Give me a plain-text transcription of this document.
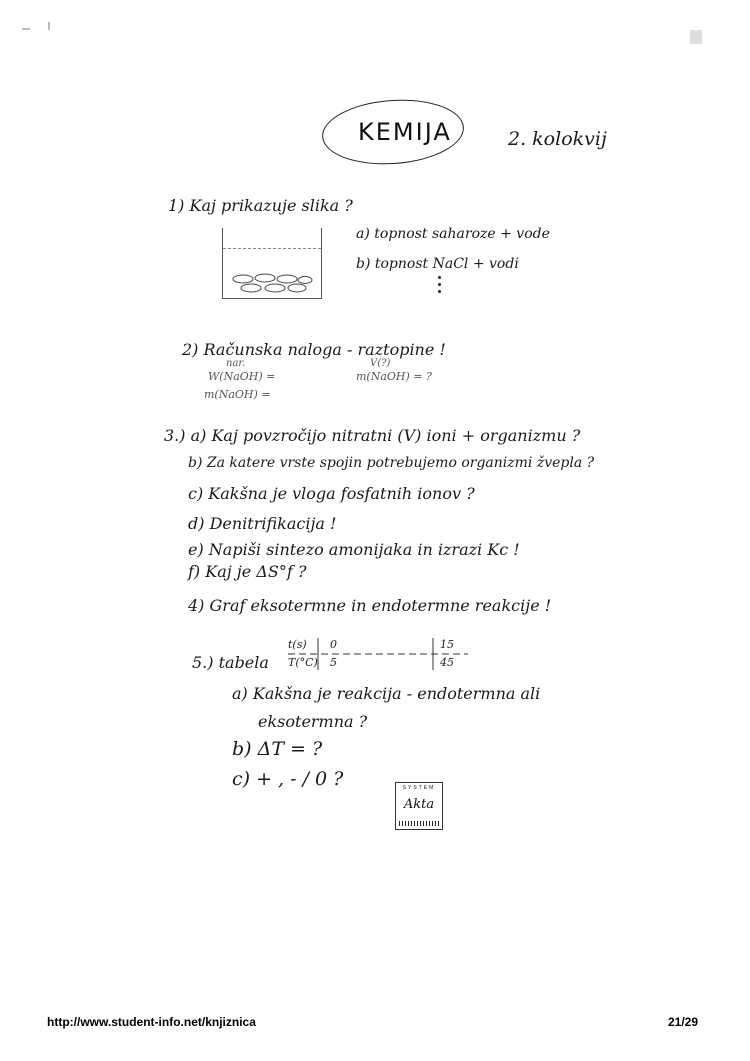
KEMIJA	2. kolokvij
1) Kaj prikazuje slika ?
a) topnost saharoze + vode
b) topnost NaCl + vodi
2) Računska naloga - raztopine !
nar.
W(NaOH) =
m(NaOH) =
V(?)
m(NaOH) = ?
3.) a) Kaj povzročijo nitratni (V) ioni + organizmu ?
b) Za katere vrste spojin potrebujemo organizmi žvepla ?
c) Kakšna je vloga fosfatnih ionov ?
d) Denitrifikacija !
e) Napiši sintezo amonijaka in izrazi Kc !
f) Kaj je ΔS°f ?
4) Graf eksotermne in endotermne reakcije !
5.) tabela
t(s) 0	15
T(°C) 5	45
a) Kakšna je reakcija - endotermna ali
eksotermna ?
b) ΔT = ?
c) + , - / 0 ?	SYSTEM
Akta
http://www.student-info.net/knjiznica	21/29
